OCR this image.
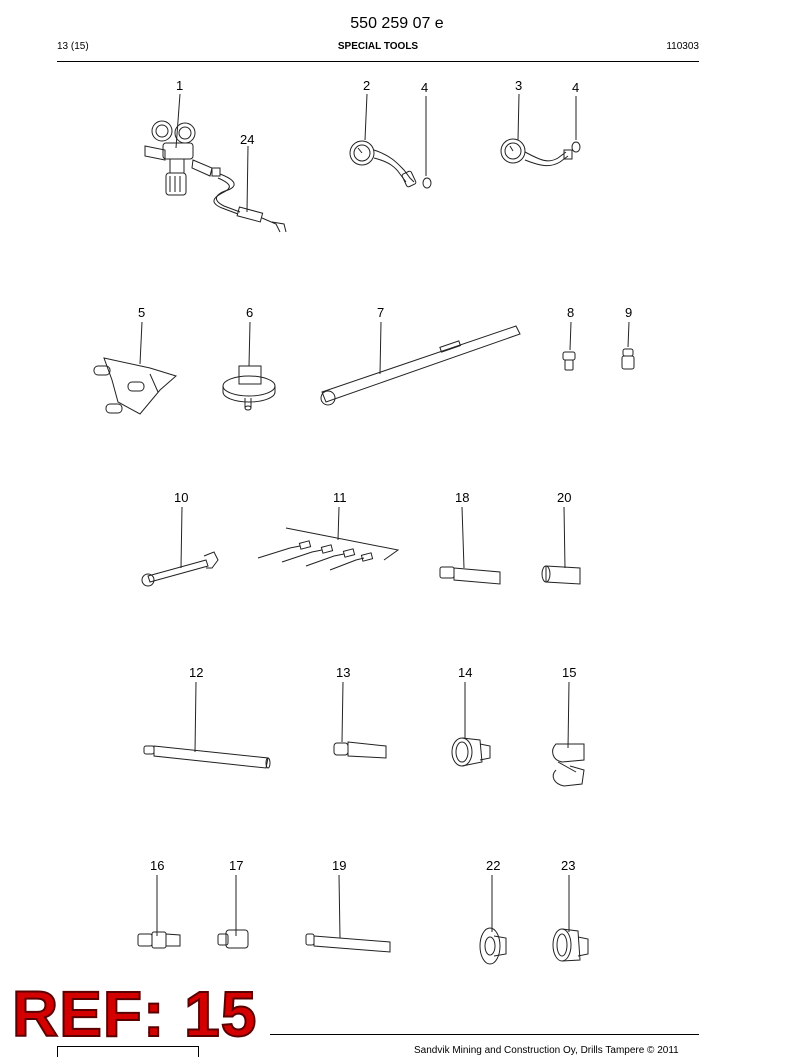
550 259 07 e
13 (15)	SPECIAL TOOLS	110303
1
24
2	4	3	4
5	6	7	8	9
10	11	18	20
12	13	14	15
16	17	19	22	23
REF: 15
Sandvik Mining and Construction Oy, Drills Tampere © 2011
